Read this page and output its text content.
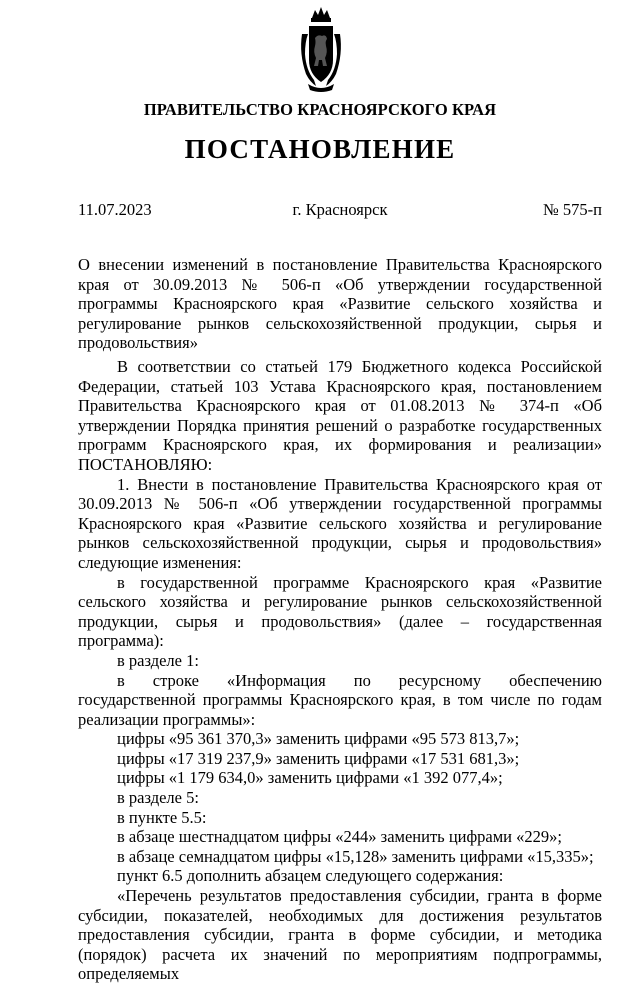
ПРАВИТЕЛЬСТВО КРАСНОЯРСКОГО КРАЯ
ПОСТАНОВЛЕНИЕ
11.07.2023	г. Красноярск	№ 575-п
О внесении изменений в постановление Правительства Красноярского края от 30.09.2013 № 506-п «Об утверждении государственной программы Красноярского края «Развитие сельского хозяйства и регулирование рынков сельскохозяйственной продукции, сырья и продовольствия»

В соответствии со статьей 179 Бюджетного кодекса Российской Федерации, статьей 103 Устава Красноярского края, постановлением Правительства Красноярского края от 01.08.2013 № 374-п «Об утверждении Порядка принятия решений о разработке государственных программ Красноярского края, их формирования и реализации» ПОСТАНОВЛЯЮ:

1. Внести в постановление Правительства Красноярского края от 30.09.2013 № 506-п «Об утверждении государственной программы Красноярского края «Развитие сельского хозяйства и регулирование рынков сельскохозяйственной продукции, сырья и продовольствия» следующие изменения:

в государственной программе Красноярского края «Развитие сельского хозяйства и регулирование рынков сельскохозяйственной продукции, сырья и продовольствия» (далее – государственная программа):

в разделе 1:

в строке «Информация по ресурсному обеспечению государственной программы Красноярского края, в том числе по годам реализации программы»:

цифры «95 361 370,3» заменить цифрами «95 573 813,7»;

цифры «17 319 237,9» заменить цифрами «17 531 681,3»;

цифры «1 179 634,0» заменить цифрами «1 392 077,4»;

в разделе 5:

в пункте 5.5:

в абзаце шестнадцатом цифры «244» заменить цифрами «229»;

в абзаце семнадцатом цифры «15,128» заменить цифрами «15,335»;

пункт 6.5 дополнить абзацем следующего содержания:

«Перечень результатов предоставления субсидии, гранта в форме субсидии, показателей, необходимых для достижения результатов предоставления субсидии, гранта в форме субсидии, и методика (порядок) расчета их значений по мероприятиям подпрограммы, определяемых
